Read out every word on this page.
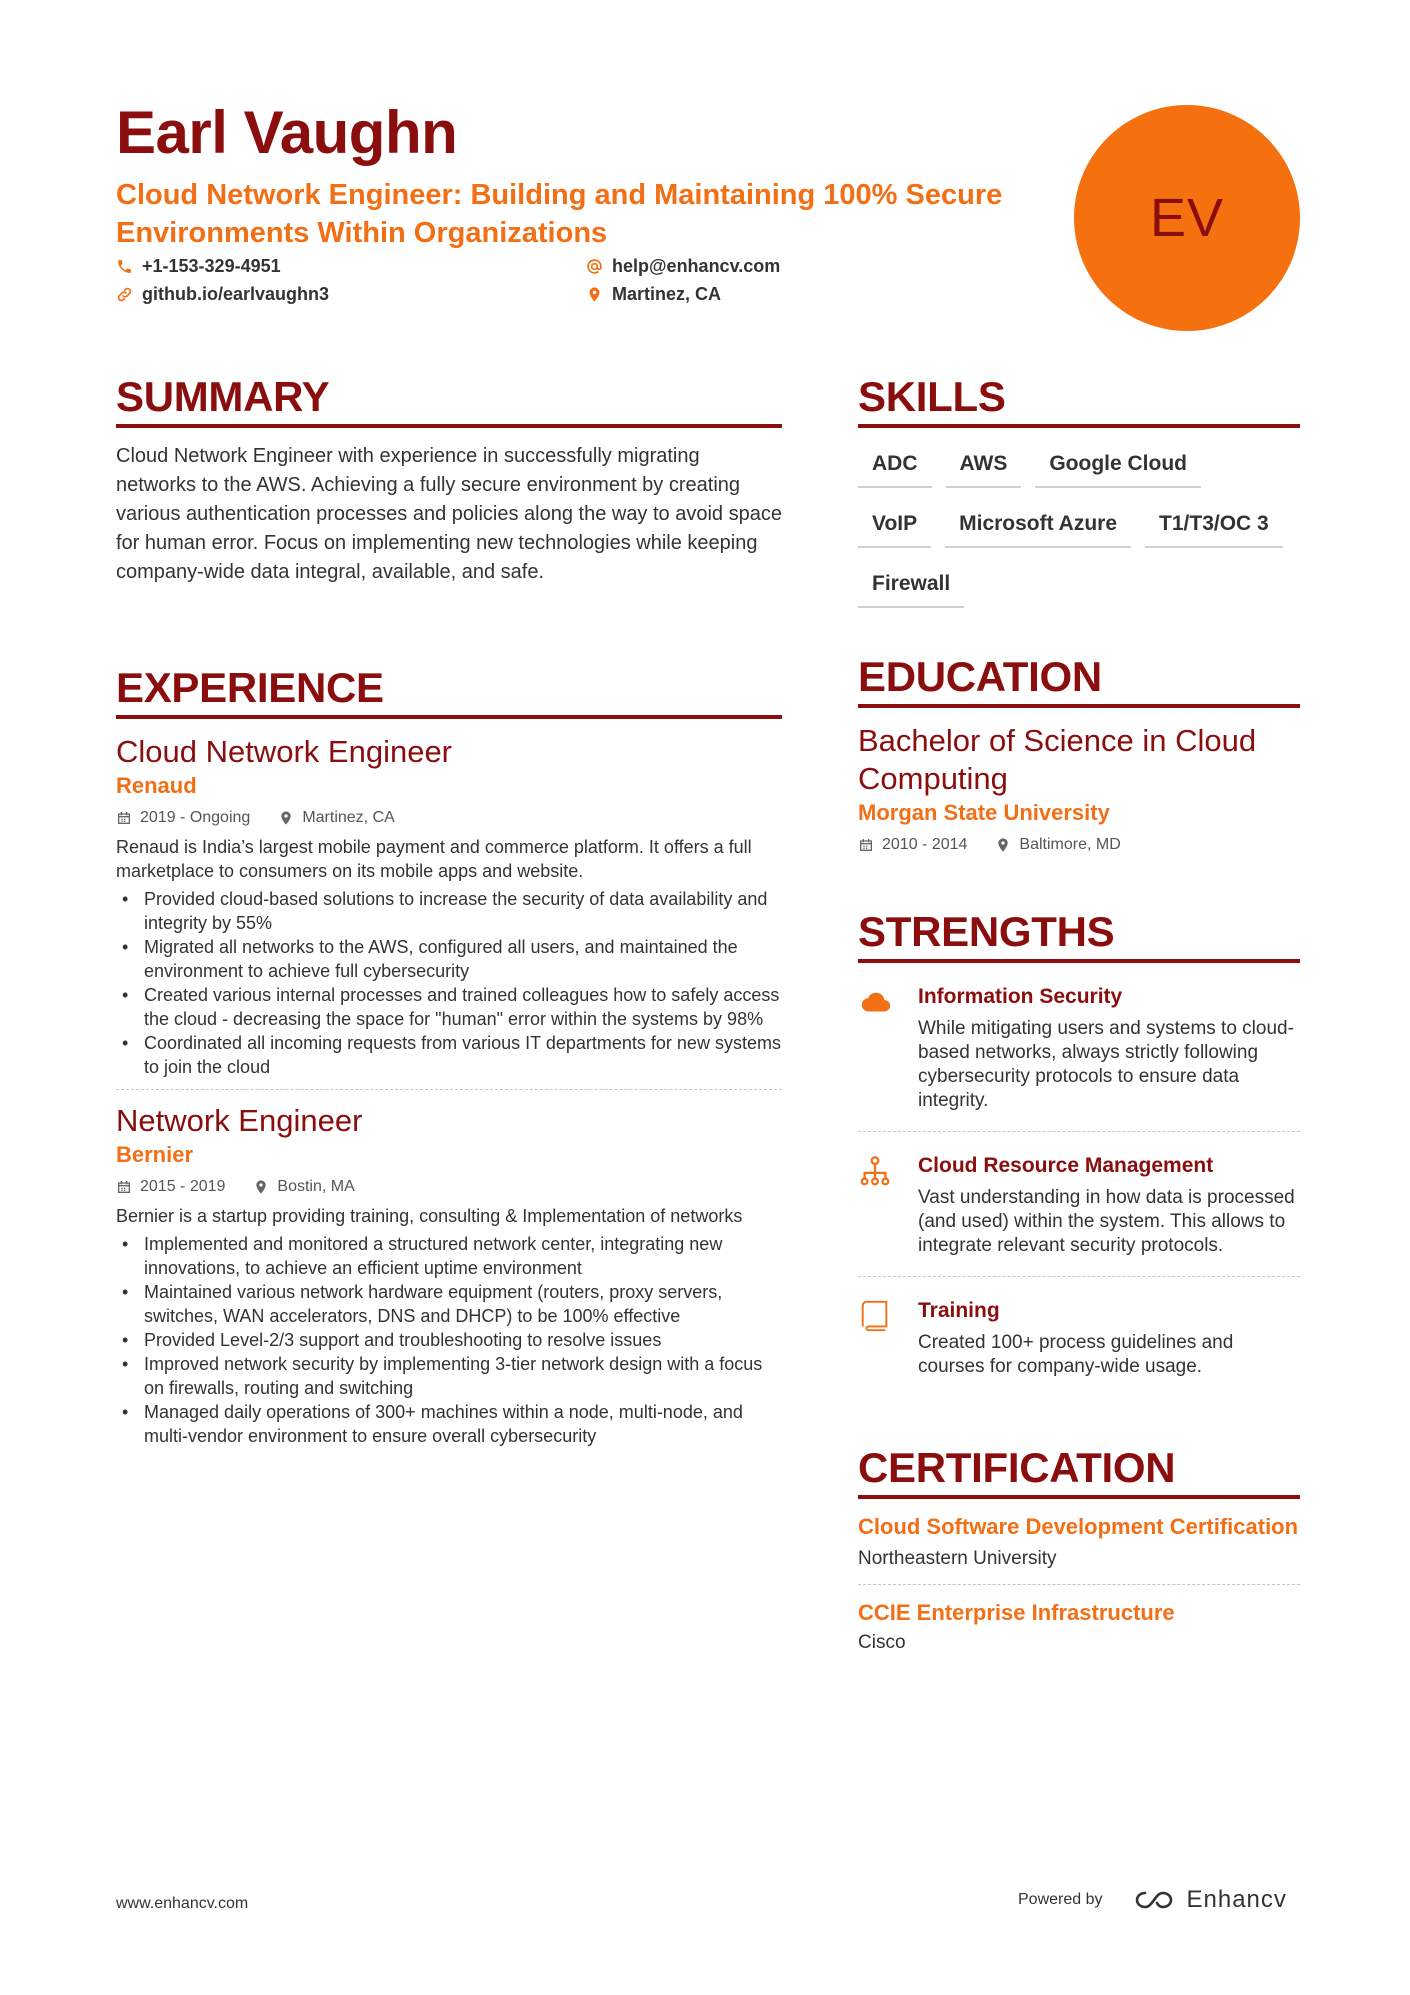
Earl Vaughn
Cloud Network Engineer: Building and Maintaining 100% Secure Environments Within Organizations
+1-153-329-4951	help@enhancv.com
github.io/earlvaughn3	Martinez, CA
EV
SUMMARY
Cloud Network Engineer with experience in successfully migrating networks to the AWS. Achieving a fully secure environment by creating various authentication processes and policies along the way to avoid space for human error. Focus on implementing new technologies while keeping company-wide data integral, available, and safe.
EXPERIENCE
Cloud Network Engineer
Renaud
2019 - Ongoing	Martinez, CA
Renaud is India’s largest mobile payment and commerce platform. It offers a full marketplace to consumers on its mobile apps and website.
• Provided cloud-based solutions to increase the security of data availability and integrity by 55%
• Migrated all networks to the AWS, configured all users, and maintained the environment to achieve full cybersecurity
• Created various internal processes and trained colleagues how to safely access the cloud - decreasing the space for "human" error within the systems by 98%
• Coordinated all incoming requests from various IT departments for new systems to join the cloud
Network Engineer
Bernier
2015 - 2019	Bostin, MA
Bernier is a startup providing training, consulting & Implementation of networks
• Implemented and monitored a structured network center, integrating new innovations, to achieve an efficient uptime environment
• Maintained various network hardware equipment (routers, proxy servers, switches, WAN accelerators, DNS and DHCP) to be 100% effective
• Provided Level-2/3 support and troubleshooting to resolve issues
• Improved network security by implementing 3-tier network design with a focus on firewalls, routing and switching
• Managed daily operations of 300+ machines within a node, multi-node, and multi-vendor environment to ensure overall cybersecurity
SKILLS
ADC	AWS	Google Cloud
VoIP	Microsoft Azure	T1/T3/OC 3
Firewall
EDUCATION
Bachelor of Science in Cloud Computing
Morgan State University
2010 - 2014	Baltimore, MD
STRENGTHS
Information Security
While mitigating users and systems to cloud-based networks, always strictly following cybersecurity protocols to ensure data integrity.
Cloud Resource Management
Vast understanding in how data is processed (and used) within the system. This allows to integrate relevant security protocols.
Training
Created 100+ process guidelines and courses for company-wide usage.
CERTIFICATION
Cloud Software Development Certification
Northeastern University
CCIE Enterprise Infrastructure
Cisco
www.enhancv.com	Powered by	Enhancv
